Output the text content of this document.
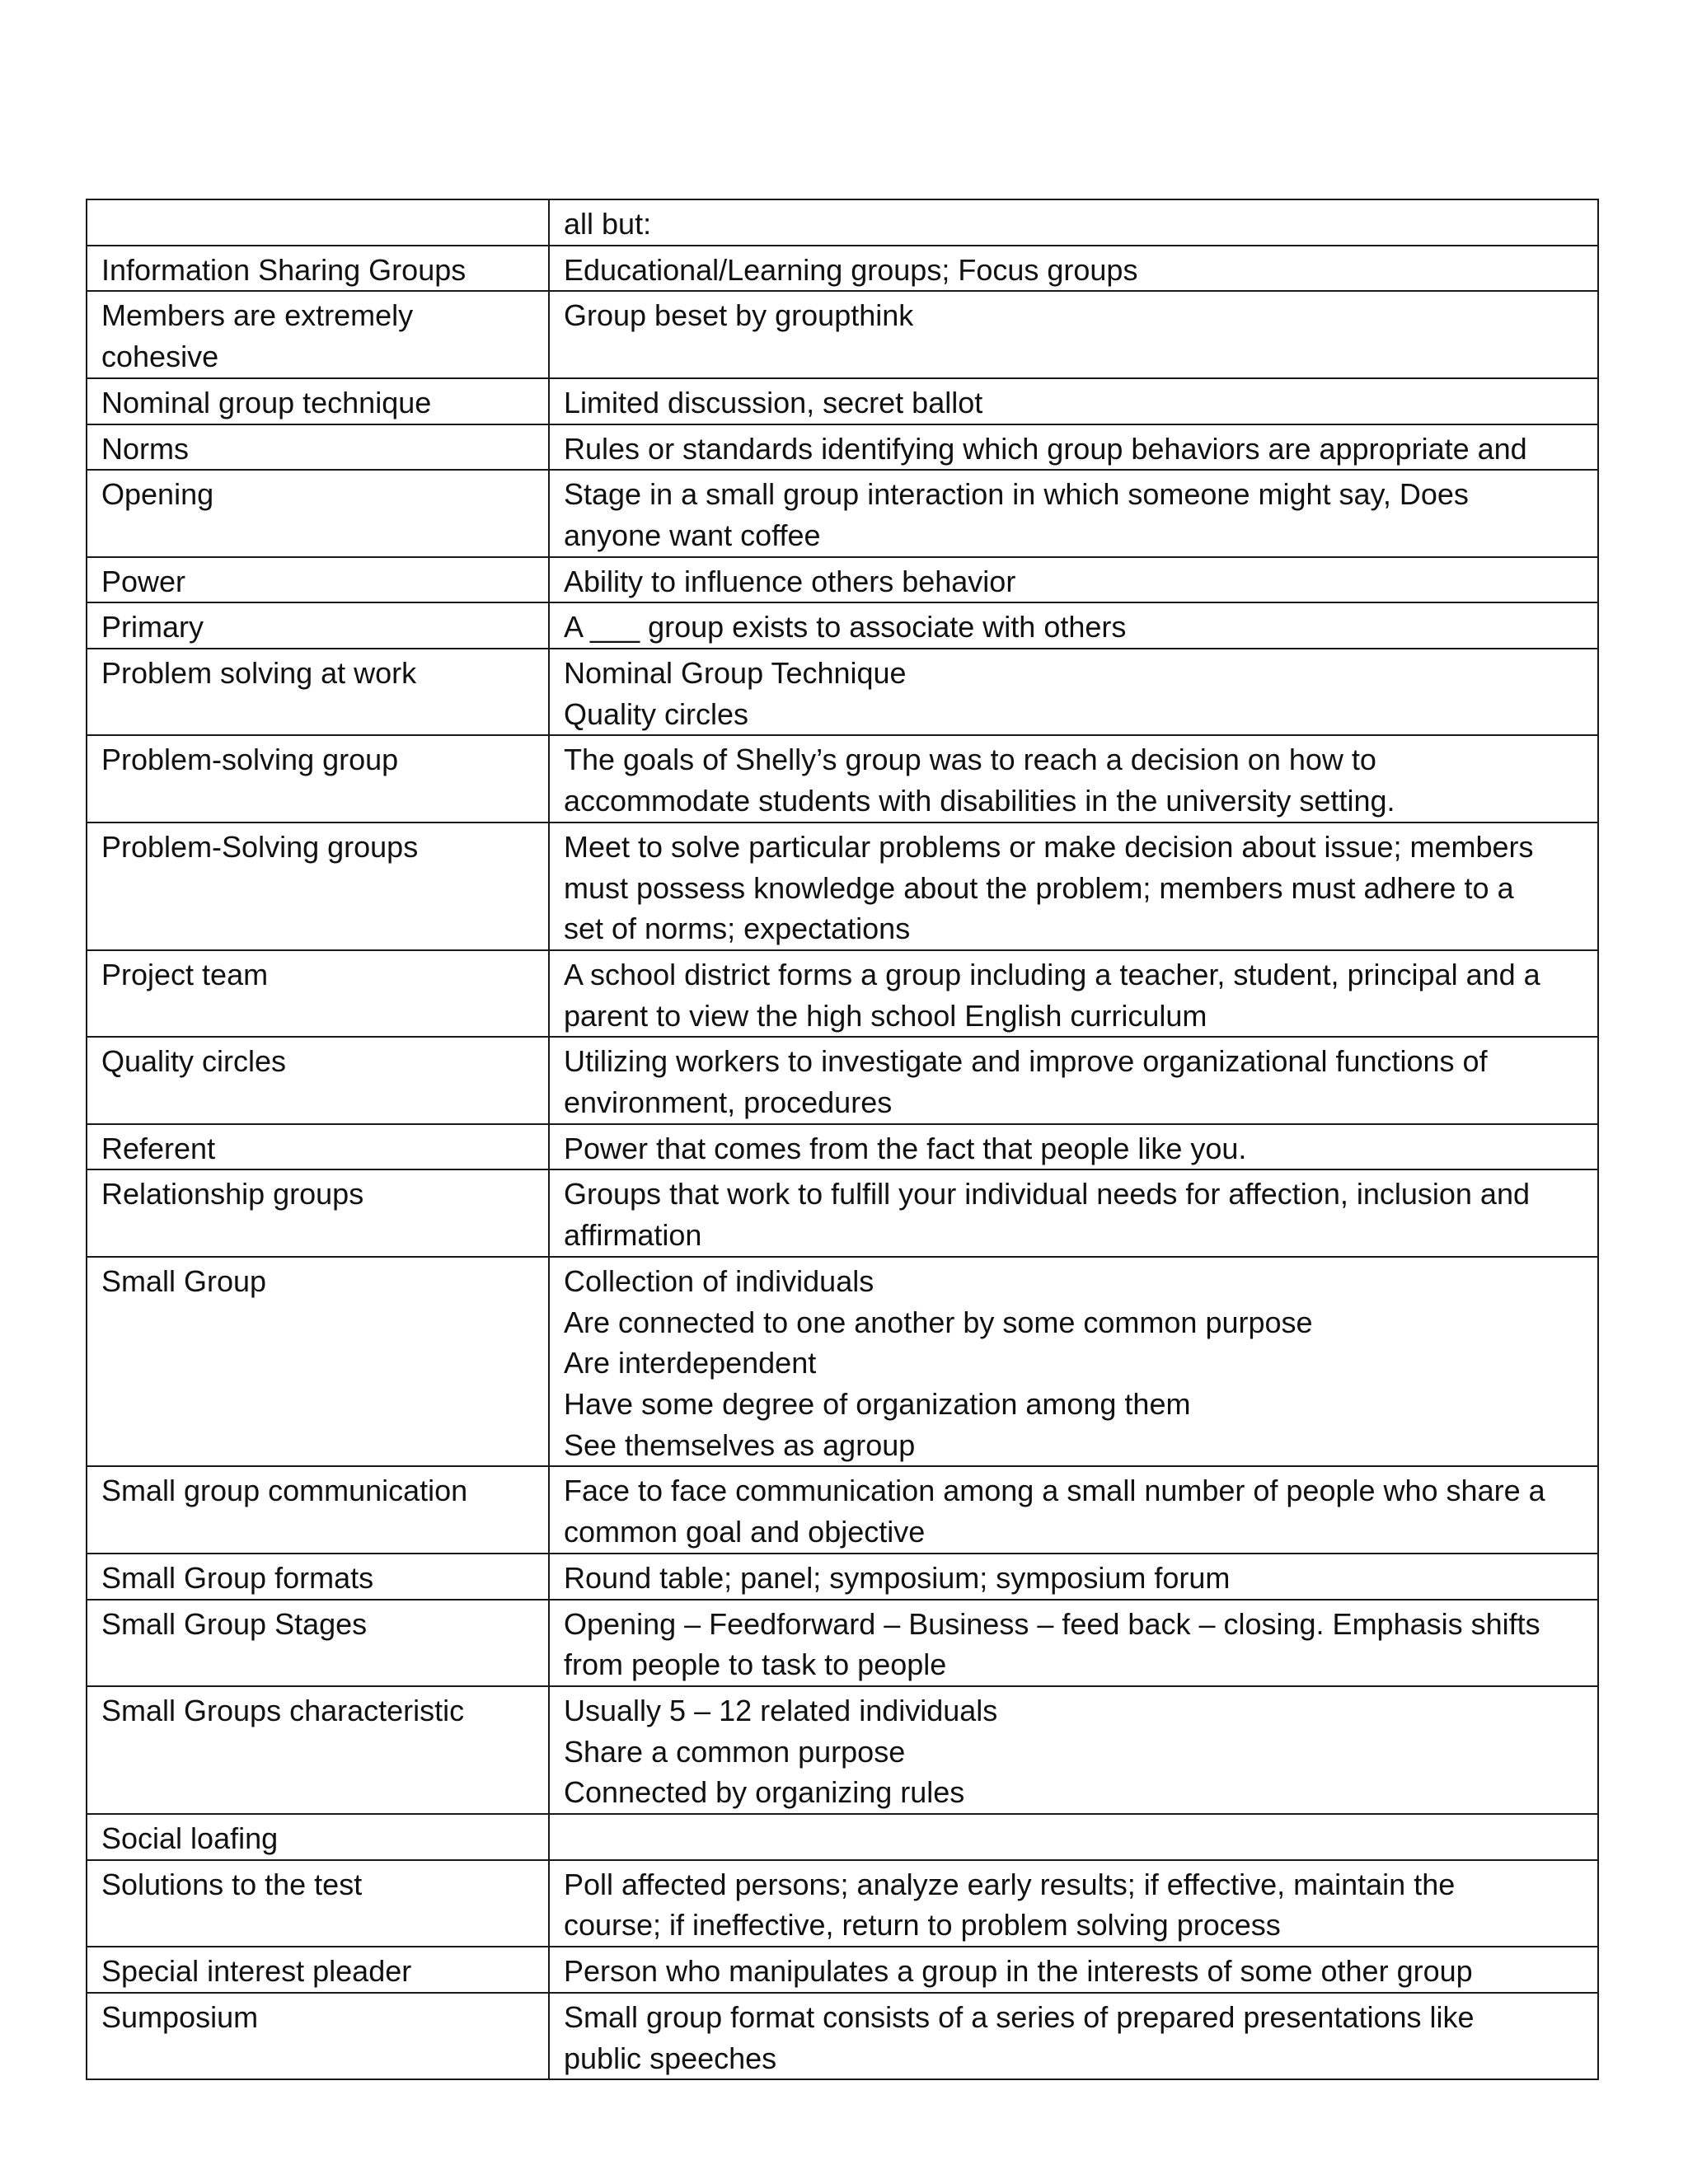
	all but:
Information Sharing Groups	Educational/Learning groups; Focus groups
Members are extremely
cohesive	Group beset by groupthink
Nominal group technique	Limited discussion, secret ballot
Norms	Rules or standards identifying which group behaviors are appropriate and
Opening	Stage in a small group interaction in which someone might say, Does
anyone want coffee
Power	Ability to influence others behavior
Primary	A ___ group exists to associate with others
Problem solving at work	Nominal Group Technique
Quality circles
Problem-solving group	The goals of Shelly’s group was to reach a decision on how to
accommodate students with disabilities in the university setting.
Problem-Solving groups	Meet to solve particular problems or make decision about issue; members
must possess knowledge about the problem; members must adhere to a
set of norms; expectations
Project team	A school district forms a group including a teacher, student, principal and a
parent to view the high school English curriculum
Quality circles	Utilizing workers to investigate and improve organizational functions of
environment, procedures
Referent	Power that comes from the fact that people like you.
Relationship groups	Groups that work to fulfill your individual needs for affection, inclusion and
affirmation
Small Group	Collection of individuals
Are connected to one another by some common purpose
Are interdependent
Have some degree of organization among them
See themselves as agroup
Small group communication	Face to face communication among a small number of people who share a
common goal and objective
Small Group formats	Round table; panel; symposium; symposium forum
Small Group Stages	Opening – Feedforward – Business – feed back – closing. Emphasis shifts
from people to task to people
Small Groups characteristic	Usually 5 – 12 related individuals
Share a common purpose
Connected by organizing rules
Social loafing	
Solutions to the test	Poll affected persons; analyze early results; if effective, maintain the
course; if ineffective, return to problem solving process
Special interest pleader	Person who manipulates a group in the interests of some other group
Sumposium	Small group format consists of a series of prepared presentations like
public speeches
